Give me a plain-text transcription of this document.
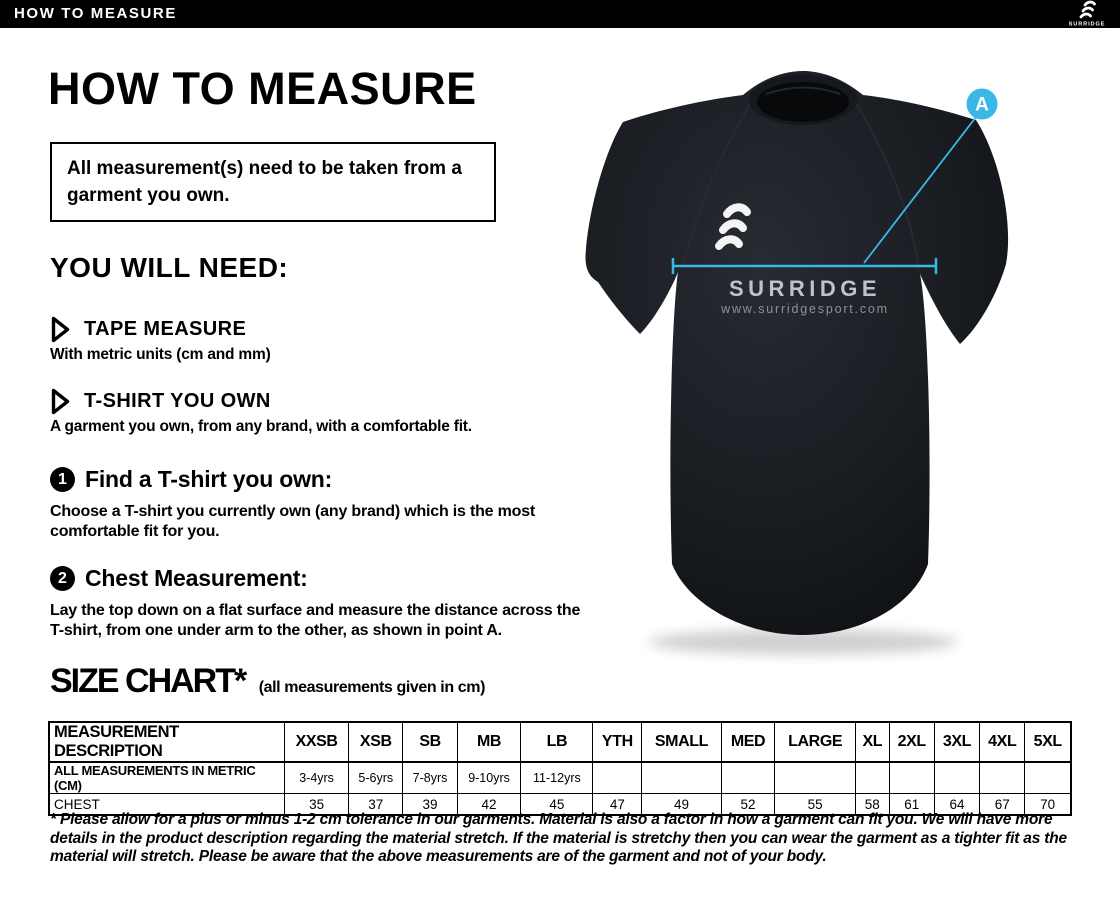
HOW TO MEASURE
SURRIDGE
HOW TO MEASURE
All measurement(s) need to be taken from a garment you own.
YOU WILL NEED:
TAPE MEASURE
With metric units (cm and mm)
T-SHIRT YOU OWN
A garment you own, from any brand, with a comfortable fit.
1 Find a T-shirt you own:
Choose a T-shirt you currently own (any brand) which is the most comfortable fit for you.
2 Chest Measurement:
Lay the top down on a flat surface and measure the distance across the T-shirt, from one under arm to the other, as shown in point A.
SIZE CHART* (all measurements given in cm)
MEASUREMENT DESCRIPTION	XXSB	XSB	SB	MB	LB	YTH	SMALL	MED	LARGE	XL	2XL	3XL	4XL	5XL
ALL MEASUREMENTS IN METRIC (CM)	3-4yrs	5-6yrs	7-8yrs	9-10yrs	11-12yrs									
CHEST	35	37	39	42	45	47	49	52	55	58	61	64	67	70
* Please allow for a plus or minus 1-2 cm tolerance in our garments. Material is also a factor in how a garment can fit you. We will have more details in the product description regarding the material stretch. If the material is stretchy then you can wear the garment as a tighter fit as the material will stretch. Please be aware that the above measurements are of the garment and not of your body.
SURRIDGE
www.surridgesport.com
A
